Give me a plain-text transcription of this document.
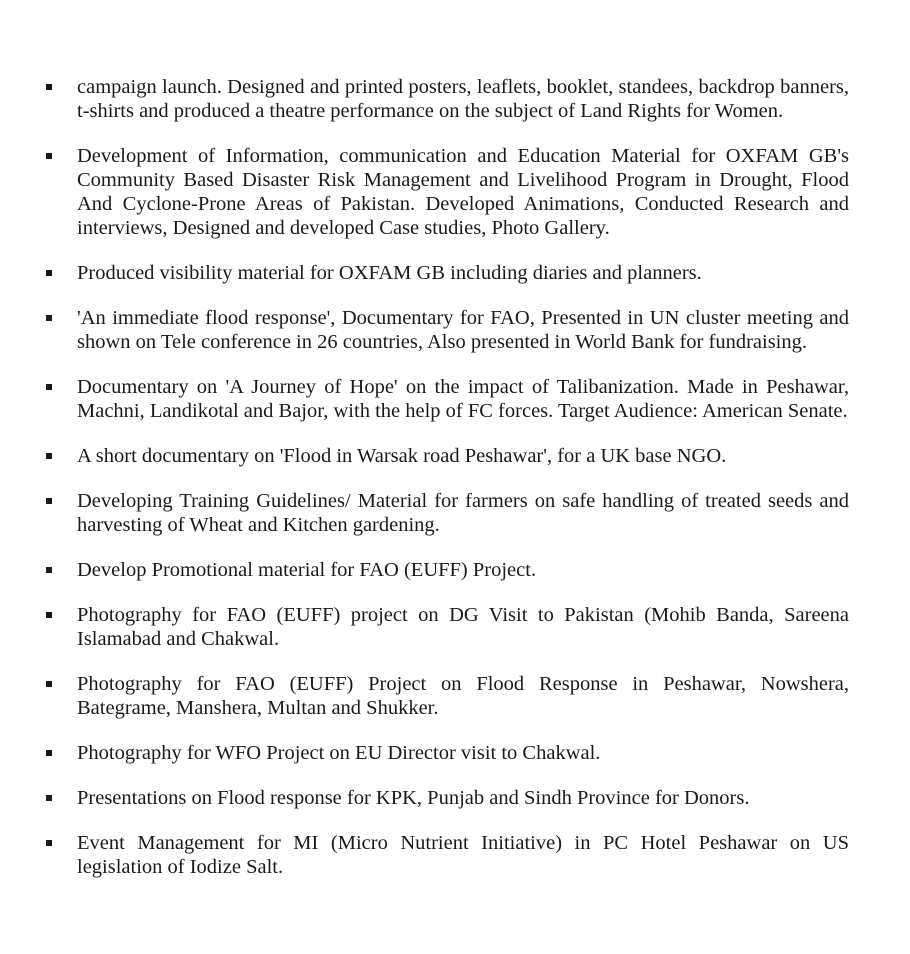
campaign launch. Designed and printed posters, leaflets, booklet, standees, backdrop banners, t-shirts and produced a theatre performance on the subject of Land Rights for Women.
Development of Information, communication and Education Material for OXFAM GB's Community Based Disaster Risk Management and Livelihood Program in Drought, Flood And Cyclone-Prone Areas of Pakistan. Developed Animations, Conducted Research and interviews, Designed and developed Case studies, Photo Gallery.
Produced visibility material for OXFAM GB including diaries and planners.
'An immediate flood response', Documentary for FAO, Presented in UN cluster meeting and shown on Tele conference in 26 countries, Also presented in World Bank for fundraising.
Documentary on 'A Journey of Hope' on the impact of Talibanization. Made in Peshawar, Machni, Landikotal and Bajor, with the help of FC forces. Target Audience: American Senate.
A short documentary on 'Flood in Warsak road Peshawar', for a UK base NGO.
Developing Training Guidelines/ Material for farmers on safe handling of treated seeds and harvesting of Wheat and Kitchen gardening.
Develop Promotional material for FAO (EUFF) Project.
Photography for FAO (EUFF) project on DG Visit to Pakistan (Mohib Banda, Sareena Islamabad and Chakwal.
Photography for FAO (EUFF) Project on Flood Response in Peshawar, Nowshera, Bategrame, Manshera, Multan and Shukker.
Photography for WFO Project on EU Director visit to Chakwal.
Presentations on Flood response for KPK, Punjab and Sindh Province for Donors.
Event Management for MI (Micro Nutrient Initiative) in PC Hotel Peshawar on US legislation of Iodize Salt.
